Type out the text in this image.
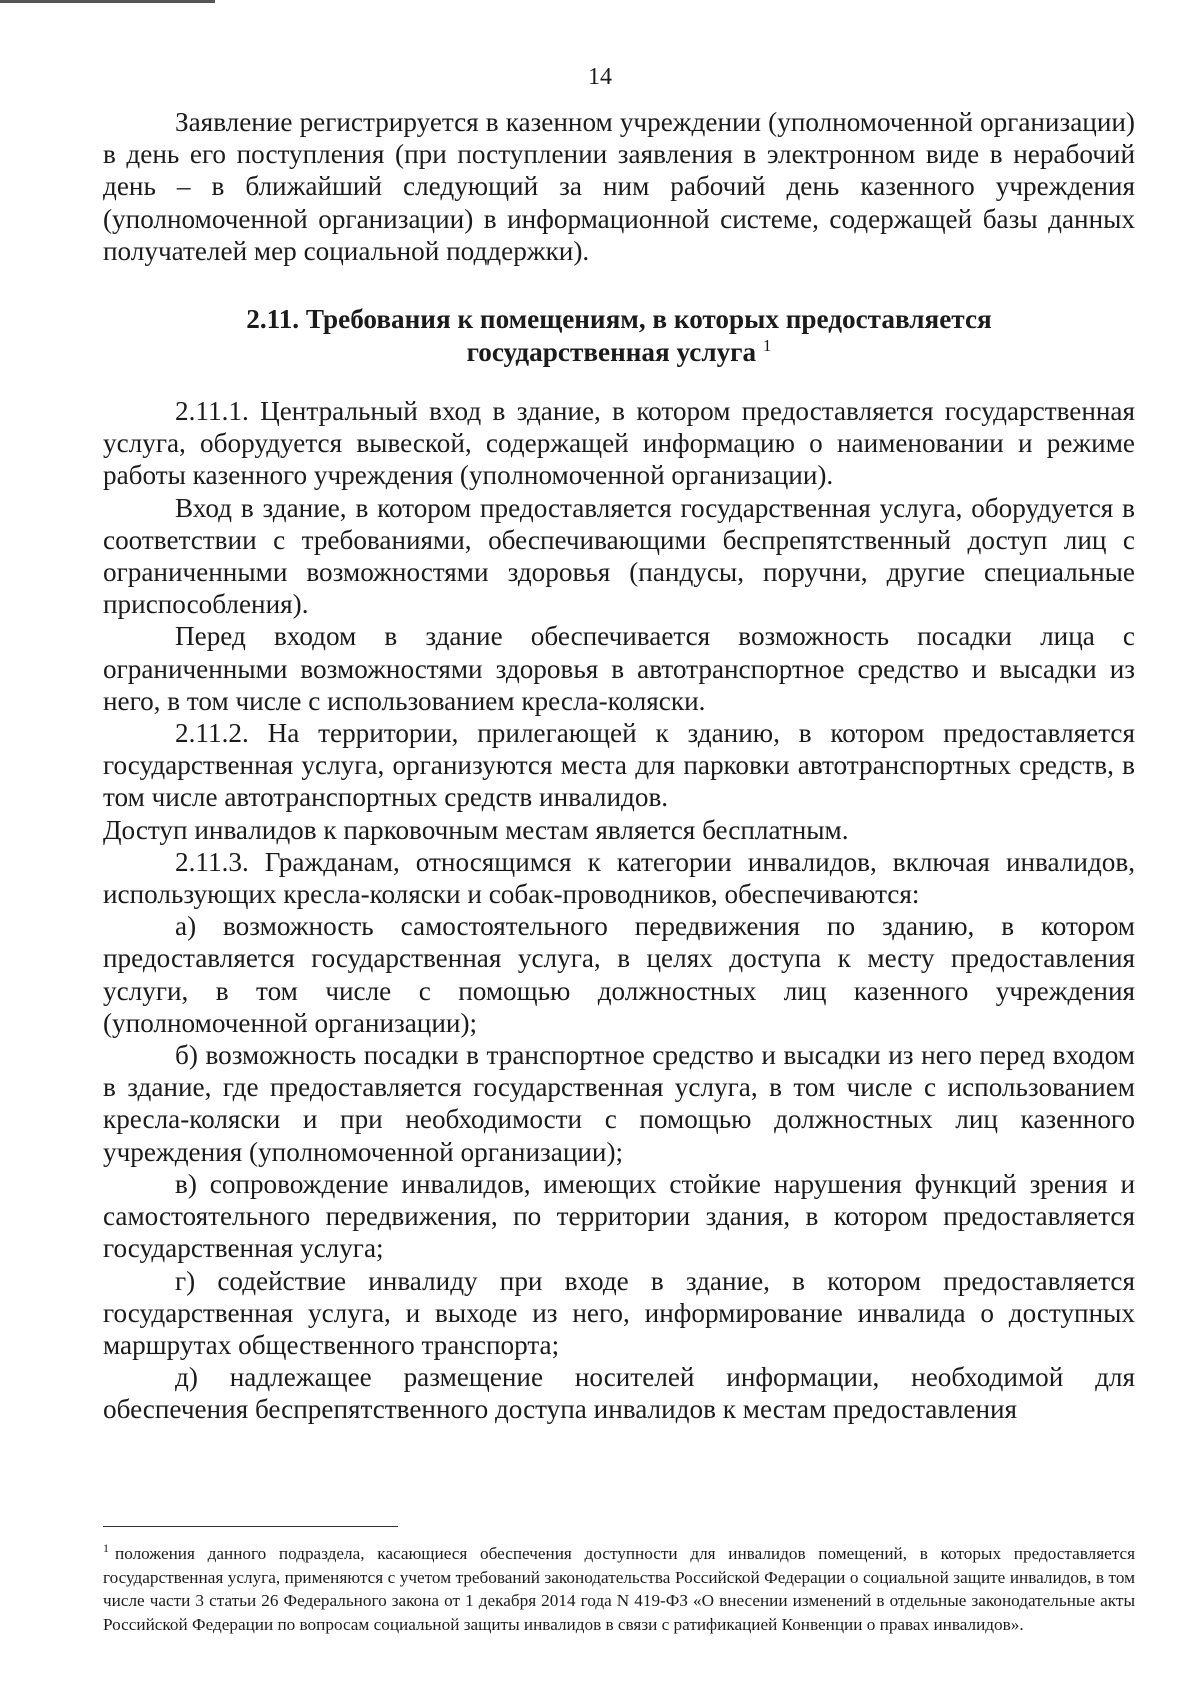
14

Заявление регистрируется в казенном учреждении (уполномоченной организации) в день его поступления (при поступлении заявления в электронном виде в нерабочий день – в ближайший следующий за ним рабочий день казенного учреждения (уполномоченной организации) в информационной системе, содержащей базы данных получателей мер социальной поддержки).

2.11. Требования к помещениям, в которых предоставляется
государственная услуга $^1$

2.11.1. Центральный вход в здание, в котором предоставляется государственная услуга, оборудуется вывеской, содержащей информацию о наименовании и режиме работы казенного учреждения (уполномоченной организации).

Вход в здание, в котором предоставляется государственная услуга, оборудуется в соответствии с требованиями, обеспечивающими беспрепятственный доступ лиц с ограниченными возможностями здоровья (пандусы, поручни, другие специальные приспособления).

Перед входом в здание обеспечивается возможность посадки лица с ограниченными возможностями здоровья в автотранспортное средство и высадки из него, в том числе с использованием кресла-коляски.

2.11.2. На территории, прилегающей к зданию, в котором предоставляется государственная услуга, организуются места для парковки автотранспортных средств, в том числе автотранспортных средств инвалидов.

Доступ инвалидов к парковочным местам является бесплатным.

2.11.3. Гражданам, относящимся к категории инвалидов, включая инвалидов, использующих кресла-коляски и собак-проводников, обеспечиваются:

а) возможность самостоятельного передвижения по зданию, в котором предоставляется государственная услуга, в целях доступа к месту предоставления услуги, в том числе с помощью должностных лиц казенного учреждения (уполномоченной организации);

б) возможность посадки в транспортное средство и высадки из него перед входом в здание, где предоставляется государственная услуга, в том числе с использованием кресла-коляски и при необходимости с помощью должностных лиц казенного учреждения (уполномоченной организации);

в) сопровождение инвалидов, имеющих стойкие нарушения функций зрения и самостоятельного передвижения, по территории здания, в котором предоставляется государственная услуга;

г) содействие инвалиду при входе в здание, в котором предоставляется государственная услуга, и выходе из него, информирование инвалида о доступных маршрутах общественного транспорта;

д) надлежащее размещение носителей информации, необходимой для обеспечения беспрепятственного доступа инвалидов к местам предоставления

$^1$ положения данного подраздела, касающиеся обеспечения доступности для инвалидов помещений, в которых предоставляется государственная услуга, применяются с учетом требований законодательства Российской Федерации о социальной защите инвалидов, в том числе части 3 статьи 26 Федерального закона от 1 декабря 2014 года N 419-ФЗ «О внесении изменений в отдельные законодательные акты Российской Федерации по вопросам социальной защиты инвалидов в связи с ратификацией Конвенции о правах инвалидов».
